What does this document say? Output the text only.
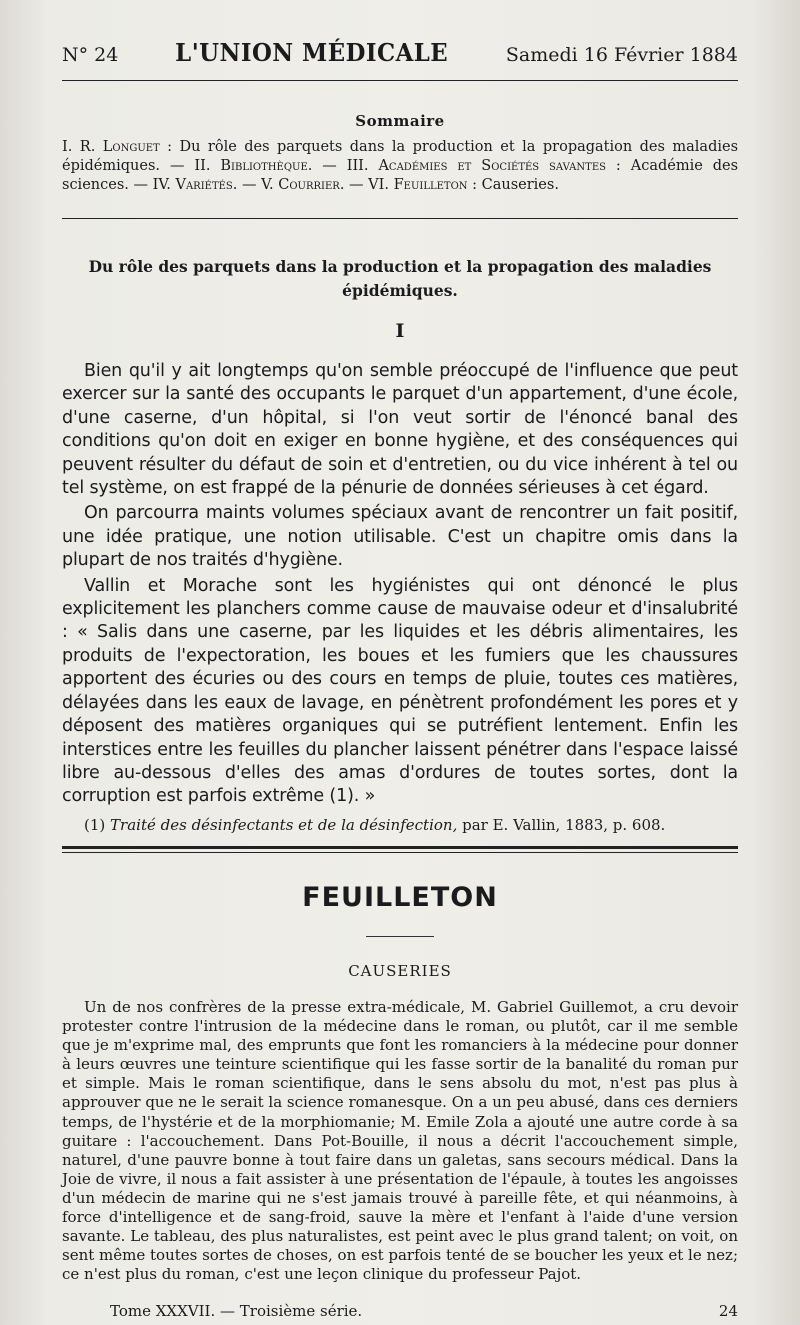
N° 24 L'UNION MÉDICALE	Samedi 16 Février 1884
Sommaire
I. R. Longuet : Du rôle des parquets dans la production et la propagation des maladies épidémiques. — II. Bibliothèque. — III. Académies et Sociétés savantes : Académie des sciences. — IV. Variétés. — V. Courrier. — VI. Feuilleton : Causeries.
Du rôle des parquets dans la production et la propagation des maladies épidémiques.
I

Bien qu'il y ait longtemps qu'on semble préoccupé de l'influence que peut exercer sur la santé des occupants le parquet d'un appartement, d'une école, d'une caserne, d'un hôpital, si l'on veut sortir de l'énoncé banal des conditions qu'on doit en exiger en bonne hygiène, et des conséquences qui peuvent résulter du défaut de soin et d'entretien, ou du vice inhérent à tel ou tel système, on est frappé de la pénurie de données sérieuses à cet égard.

On parcourra maints volumes spéciaux avant de rencontrer un fait positif, une idée pratique, une notion utilisable. C'est un chapitre omis dans la plupart de nos traités d'hygiène.

Vallin et Morache sont les hygiénistes qui ont dénoncé le plus explicitement les planchers comme cause de mauvaise odeur et d'insalubrité : « Salis dans une caserne, par les liquides et les débris alimentaires, les produits de l'expectoration, les boues et les fumiers que les chaussures apportent des écuries ou des cours en temps de pluie, toutes ces matières, délayées dans les eaux de lavage, en pénètrent profondément les pores et y déposent des matières organiques qui se putréfient lentement. Enfin les interstices entre les feuilles du plancher laissent pénétrer dans l'espace laissé libre au-dessous d'elles des amas d'ordures de toutes sortes, dont la corruption est parfois extrême (1). »

(1) Traité des désinfectants et de la désinfection, par E. Vallin, 1883, p. 608.
FEUILLETON
CAUSERIES

Un de nos confrères de la presse extra-médicale, M. Gabriel Guillemot, a cru devoir protester contre l'intrusion de la médecine dans le roman, ou plutôt, car il me semble que je m'exprime mal, des emprunts que font les romanciers à la médecine pour donner à leurs œuvres une teinture scientifique qui les fasse sortir de la banalité du roman pur et simple. Mais le roman scientifique, dans le sens absolu du mot, n'est pas plus à approuver que ne le serait la science romanesque. On a un peu abusé, dans ces derniers temps, de l'hystérie et de la morphiomanie; M. Emile Zola a ajouté une autre corde à sa guitare : l'accouchement. Dans Pot-Bouille, il nous a décrit l'accouchement simple, naturel, d'une pauvre bonne à tout faire dans un galetas, sans secours médical. Dans la Joie de vivre, il nous a fait assister à une présentation de l'épaule, à toutes les angoisses d'un médecin de marine qui ne s'est jamais trouvé à pareille fête, et qui néanmoins, à force d'intelligence et de sang-froid, sauve la mère et l'enfant à l'aide d'une version savante. Le tableau, des plus naturalistes, est peint avec le plus grand talent; on voit, on sent même toutes sortes de choses, on est parfois tenté de se boucher les yeux et le nez; ce n'est plus du roman, c'est une leçon clinique du professeur Pajot.

Tome XXXVII. — Troisième série.	24
